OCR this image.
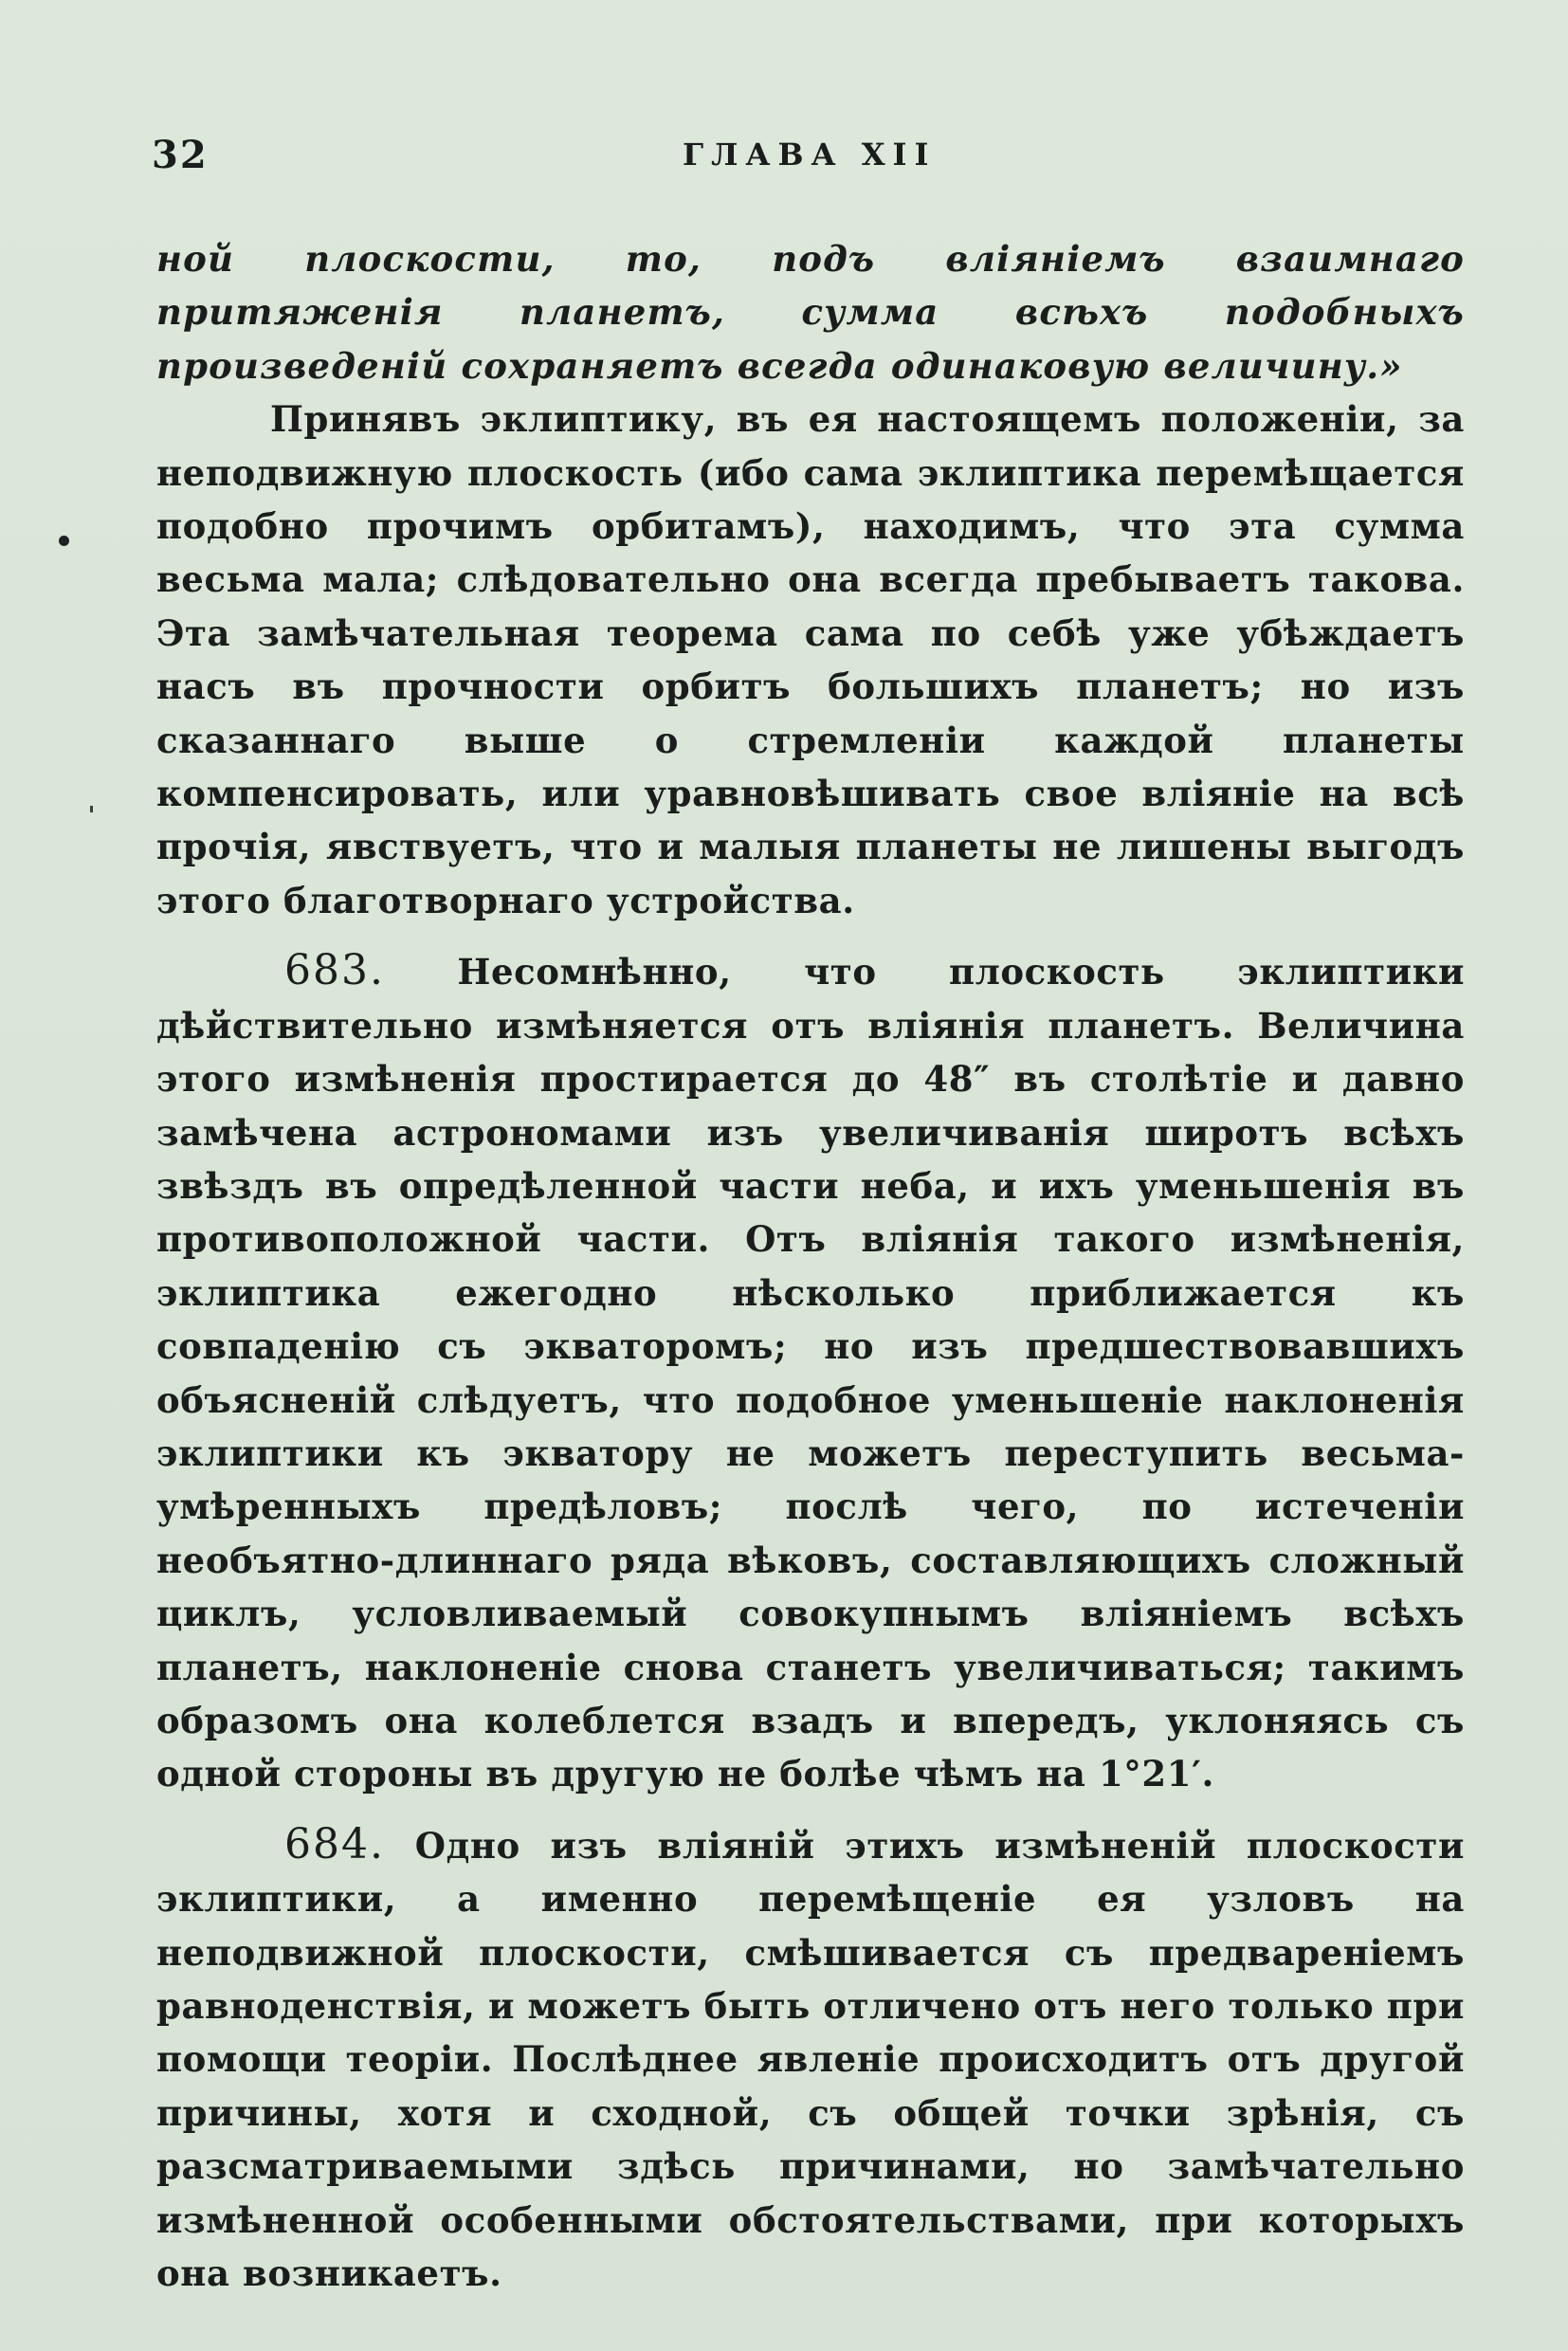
32	ГЛАВА XII

ной плоскости, то, подъ вліяніемъ взаимнаго притяженія планетъ, сумма всѣхъ подобныхъ произведеній сохраняетъ всегда одинаковую величину.»

Принявъ эклиптику, въ ея настоящемъ положеніи, за неподвижную плоскость (ибо сама эклиптика перемѣщается подобно прочимъ орбитамъ), находимъ, что эта сумма весьма мала; слѣдовательно она всегда пребываетъ такова. Эта замѣчательная теорема сама по себѣ уже убѣждаетъ насъ въ прочности орбитъ большихъ планетъ; но изъ сказаннаго выше о стремленіи каждой планеты компенсировать, или уравновѣшивать свое вліяніе на всѣ прочія, явствуетъ, что и малыя планеты не лишены выгодъ этого благотворнаго устройства.

683. Несомнѣнно, что плоскость эклиптики дѣйствительно измѣняется отъ вліянія планетъ. Величина этого измѣненія простирается до 48″ въ столѣтіе и давно замѣчена астрономами изъ увеличиванія широтъ всѣхъ звѣздъ въ опредѣленной части неба, и ихъ уменьшенія въ противоположной части. Отъ вліянія такого измѣненія, эклиптика ежегодно нѣсколько приближается къ совпаденію съ экваторомъ; но изъ предшествовавшихъ объясненій слѣдуетъ, что подобное уменьшеніе наклоненія эклиптики къ экватору не можетъ переступить весьма-умѣренныхъ предѣловъ; послѣ чего, по истеченіи необъятно-длиннаго ряда вѣковъ, составляющихъ сложный циклъ, условливаемый совокупнымъ вліяніемъ всѣхъ планетъ, наклоненіе снова станетъ увеличиваться; такимъ образомъ она колеблется взадъ и впередъ, уклоняясь съ одной стороны въ другую не болѣе чѣмъ на 1°21′.

684. Одно изъ вліяній этихъ измѣненій плоскости эклиптики, а именно перемѣщеніе ея узловъ на неподвижной плоскости, смѣшивается съ предвареніемъ равноденствія, и можетъ быть отличено отъ него только при помощи теоріи. Послѣднее явленіе происходитъ отъ другой причины, хотя и сходной, съ общей точки зрѣнія, съ разсматриваемыми здѣсь причинами, но замѣчательно измѣненной особенными обстоятельствами, при которыхъ она возникаетъ.
